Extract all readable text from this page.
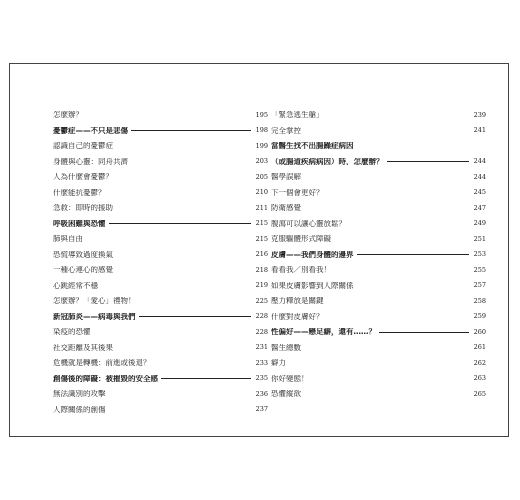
怎麼辦？	195
憂鬱症——不只是悲傷	198
認識自己的憂鬱症	199
身體與心靈：同舟共濟	203
人為什麼會憂鬱？	205
什麼能抗憂鬱？	210
急救：即時的援助	211
呼吸困難與恐懼	215
肺與自由	215
恐慌導致過度換氣	216
一種心連心的感覺	218
心跳經常不穩	219
怎麼辦？「愛心」禮物！	225
新冠肺炎——病毒與我們	228
染疫的恐懼	228
社交距離及其後果	231
危機就是轉機：前進或後退？	233
創傷後的障礙：被摧毀的安全感	235
無法識別的攻擊	236
人際關係的創傷	237
「緊急逃生艙」	239
完全掌控	241
當醫生找不出腸躁症病因
（或腸道疾病病因）時，怎麼辦？	244
醫學誤解	244
下一個會更好？	245
防衛感覺	247
腹瀉可以讓心靈放鬆？	249
克服驅體形式障礙	251
皮膚——我們身體的邊界	253
看看我／別看我！	255
如果皮膚影響到人際關係	257
壓力釋放是關鍵	258
什麼對皮膚好？	259
性偏好——戀足癖，還有……？	260
醫生總數	261
癖力	262
你好變態！	263
恐懼縱欲	265
